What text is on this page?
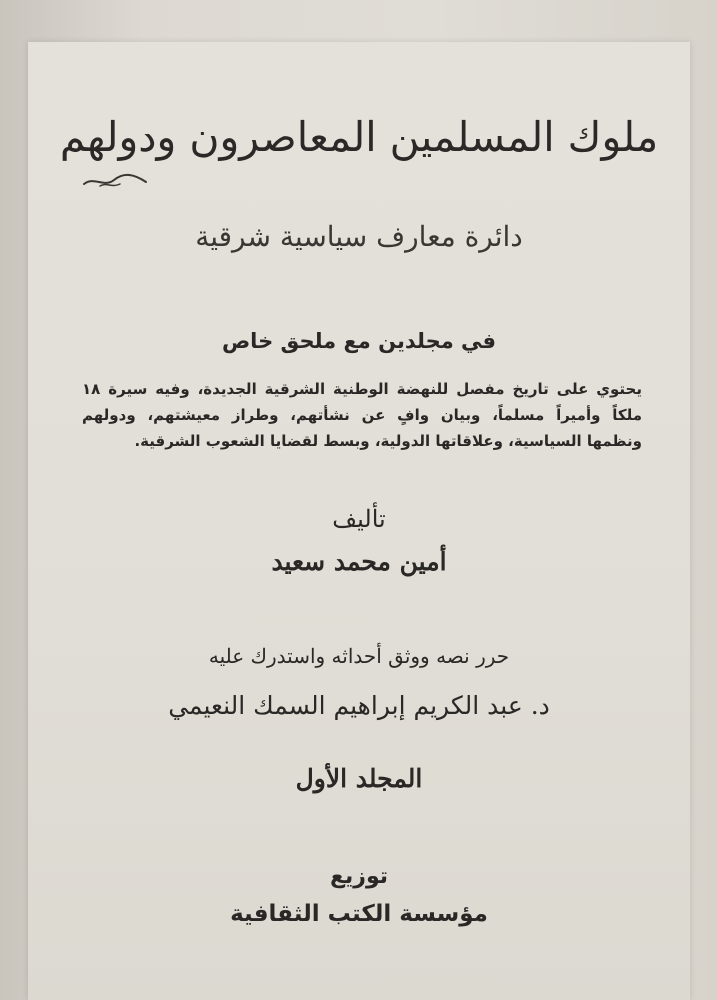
ملوك المسلمين المعاصرون ودولهم
دائرة معارف سياسية شرقية
في مجلدين مع ملحق خاص
يحتوي على تاريخ مفصل للنهضة الوطنية الشرقية الجديدة، وفيه سيرة ١٨ ملكاً وأميراً مسلماً، وبيان وافٍ عن نشأتهم، وطراز معيشتهم، ودولهم ونظمها السياسية، وعلاقاتها الدولية، وبسط لقضايا الشعوب الشرقية.
تأليف
أمين محمد سعيد
حرر نصه ووثق أحداثه واستدرك عليه
د. عبد الكريم إبراهيم السمك النعيمي
المجلد الأول
توزيع
مؤسسة الكتب الثقافية
